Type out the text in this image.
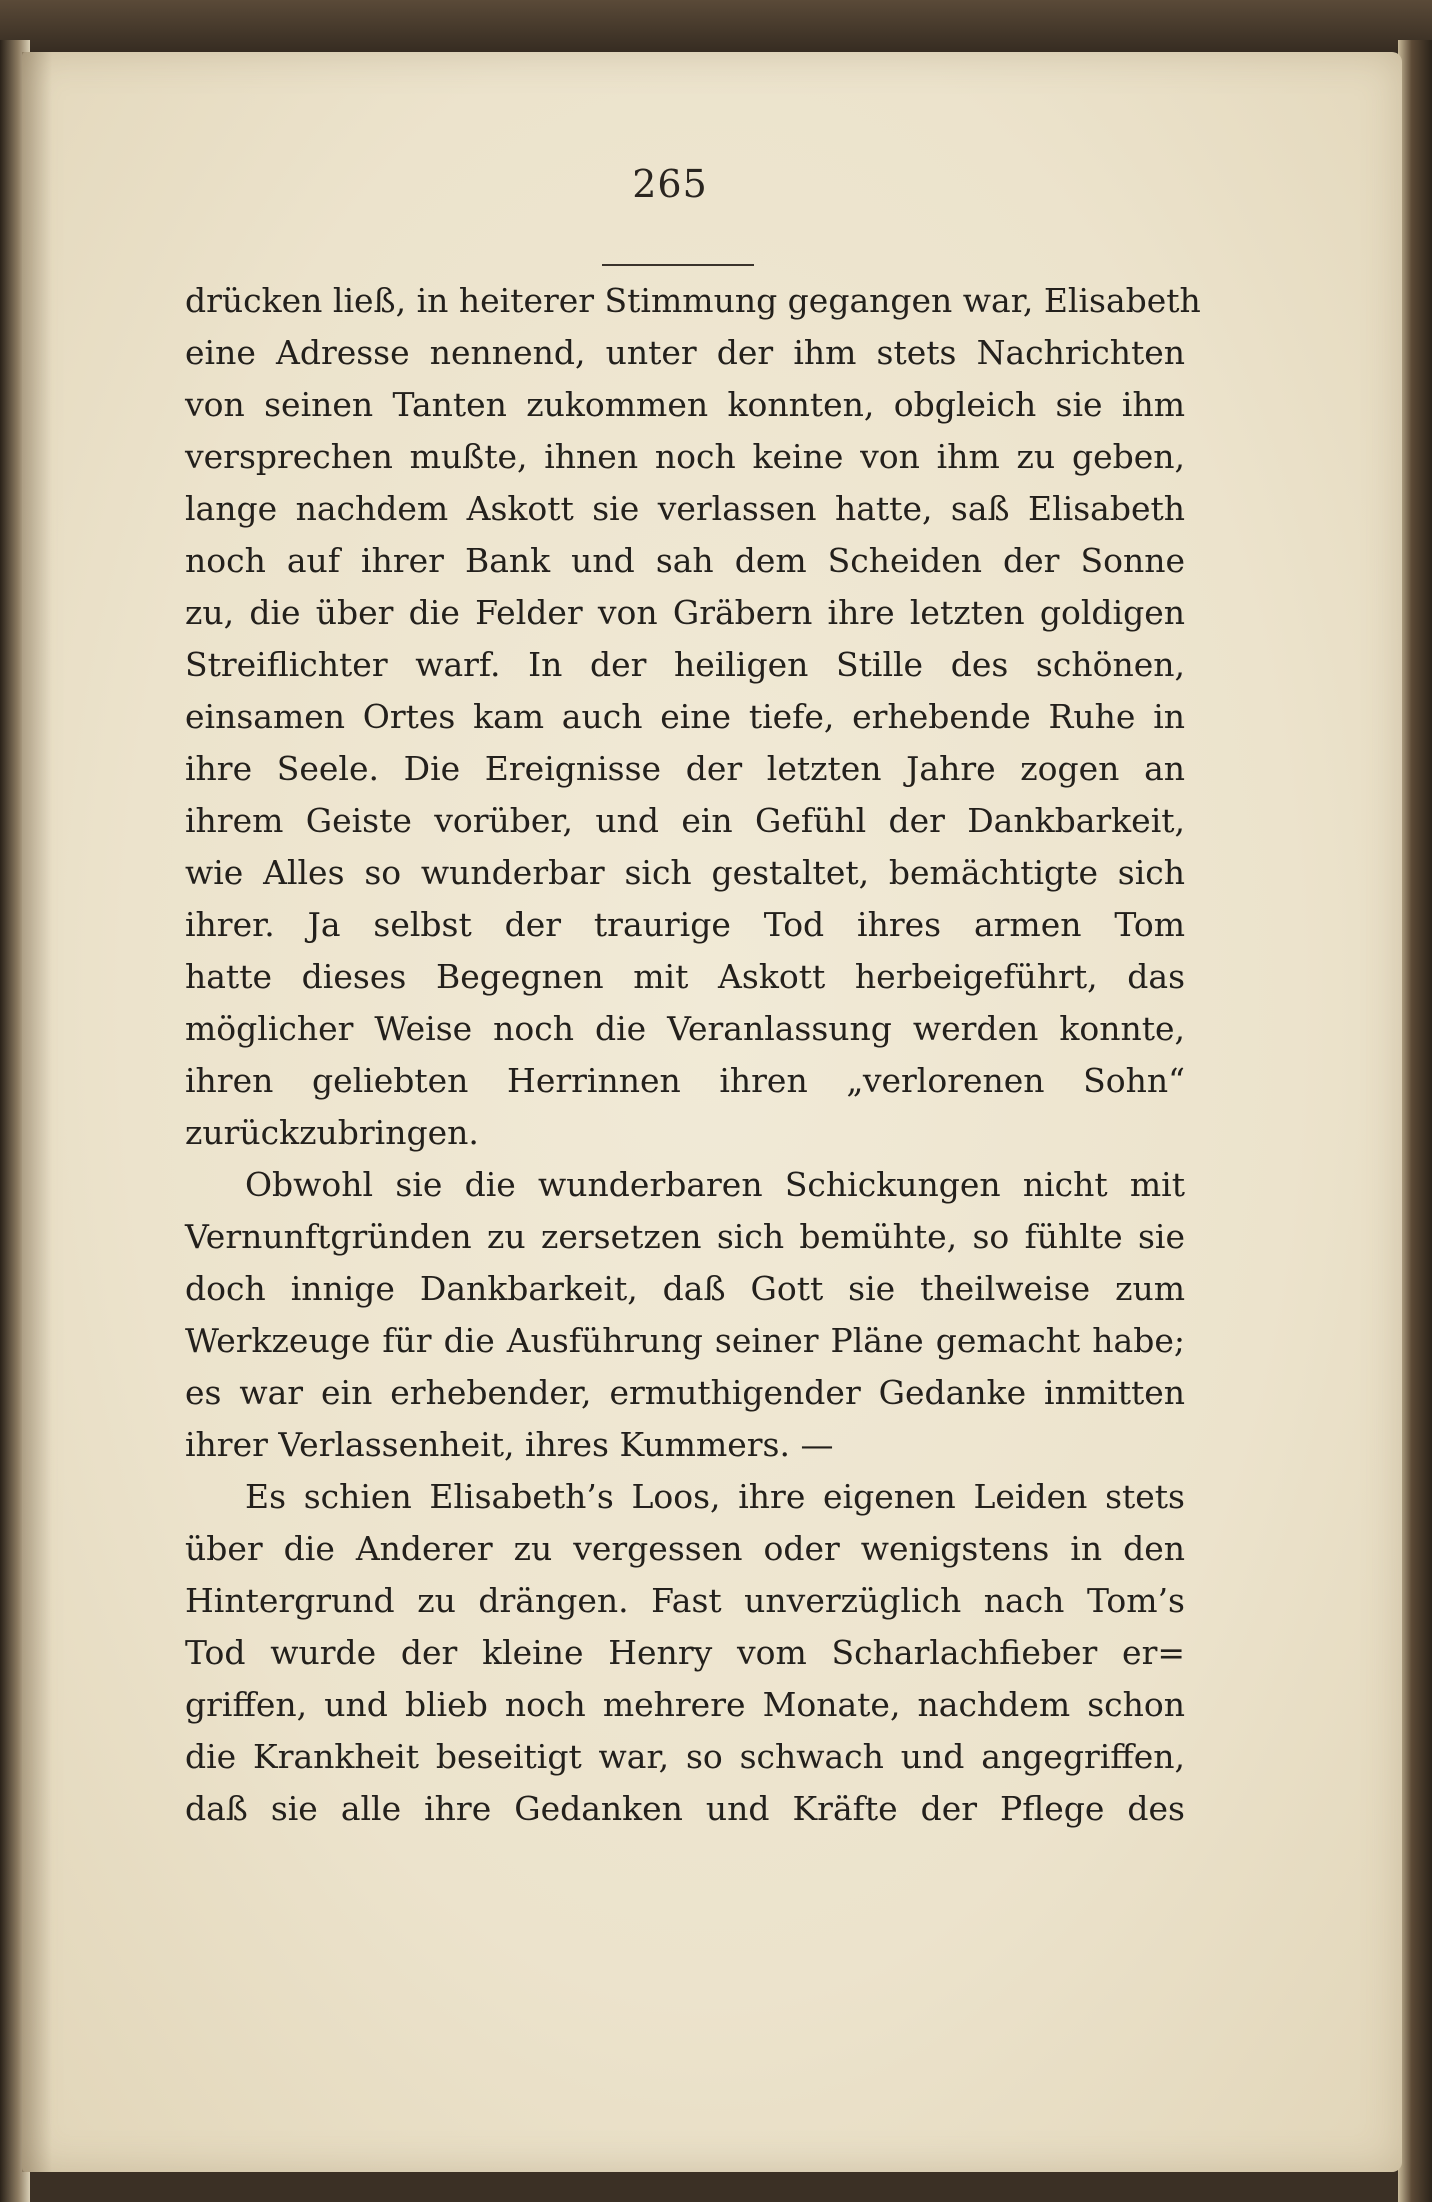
265
drücken ließ, in heiterer Stimmung gegangen war, Elisabeth
eine Adresse nennend, unter der ihm stets Nachrichten
von seinen Tanten zukommen konnten, obgleich sie ihm
versprechen mußte, ihnen noch keine von ihm zu geben,
lange nachdem Askott sie verlassen hatte, saß Elisabeth
noch auf ihrer Bank und sah dem Scheiden der Sonne
zu, die über die Felder von Gräbern ihre letzten goldigen
Streiflichter warf. In der heiligen Stille des schönen,
einsamen Ortes kam auch eine tiefe, erhebende Ruhe in
ihre Seele. Die Ereignisse der letzten Jahre zogen an
ihrem Geiste vorüber, und ein Gefühl der Dankbarkeit,
wie Alles so wunderbar sich gestaltet, bemächtigte sich
ihrer. Ja selbst der traurige Tod ihres armen Tom
hatte dieses Begegnen mit Askott herbeigeführt, das
möglicher Weise noch die Veranlassung werden konnte,
ihren geliebten Herrinnen ihren „verlorenen Sohn“
zurückzubringen.
Obwohl sie die wunderbaren Schickungen nicht mit
Vernunftgründen zu zersetzen sich bemühte, so fühlte sie
doch innige Dankbarkeit, daß Gott sie theilweise zum
Werkzeuge für die Ausführung seiner Pläne gemacht habe;
es war ein erhebender, ermuthigender Gedanke inmitten
ihrer Verlassenheit, ihres Kummers. —
Es schien Elisabeth’s Loos, ihre eigenen Leiden stets
über die Anderer zu vergessen oder wenigstens in den
Hintergrund zu drängen. Fast unverzüglich nach Tom’s
Tod wurde der kleine Henry vom Scharlachfieber er=
griffen, und blieb noch mehrere Monate, nachdem schon
die Krankheit beseitigt war, so schwach und angegriffen,
daß sie alle ihre Gedanken und Kräfte der Pflege des
